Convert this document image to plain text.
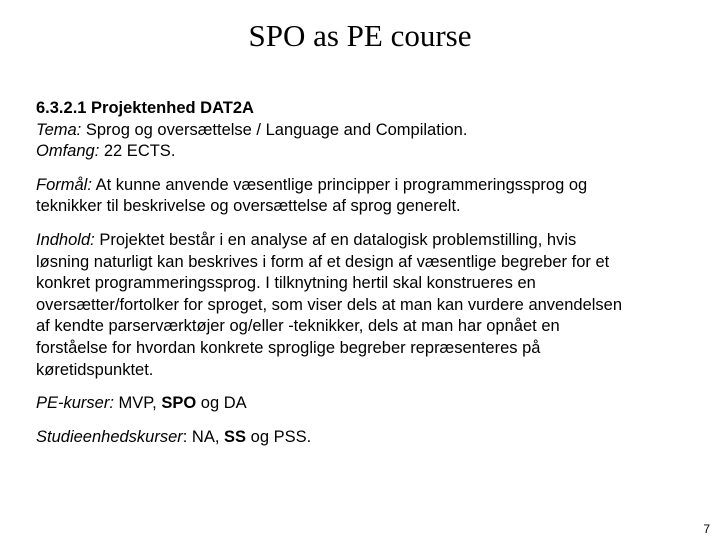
SPO as PE course

6.3.2.1 Projektenhed DAT2A
Tema: Sprog og oversættelse / Language and Compilation.
Omfang: 22 ECTS.

Formål: At kunne anvende væsentlige principper i programmeringssprog og
teknikker til beskrivelse og oversættelse af sprog generelt.

Indhold: Projektet består i en analyse af en datalogisk problemstilling, hvis
løsning naturligt kan beskrives i form af et design af væsentlige begreber for et
konkret programmeringssprog. I tilknytning hertil skal konstrueres en
oversætter/fortolker for sproget, som viser dels at man kan vurdere anvendelsen
af kendte parserværktøjer og/eller -teknikker, dels at man har opnået en
forståelse for hvordan konkrete sproglige begreber repræsenteres på
køretidspunktet.

PE-kurser: MVP, SPO og DA

Studieenhedskurser: NA, SS og PSS.

7
